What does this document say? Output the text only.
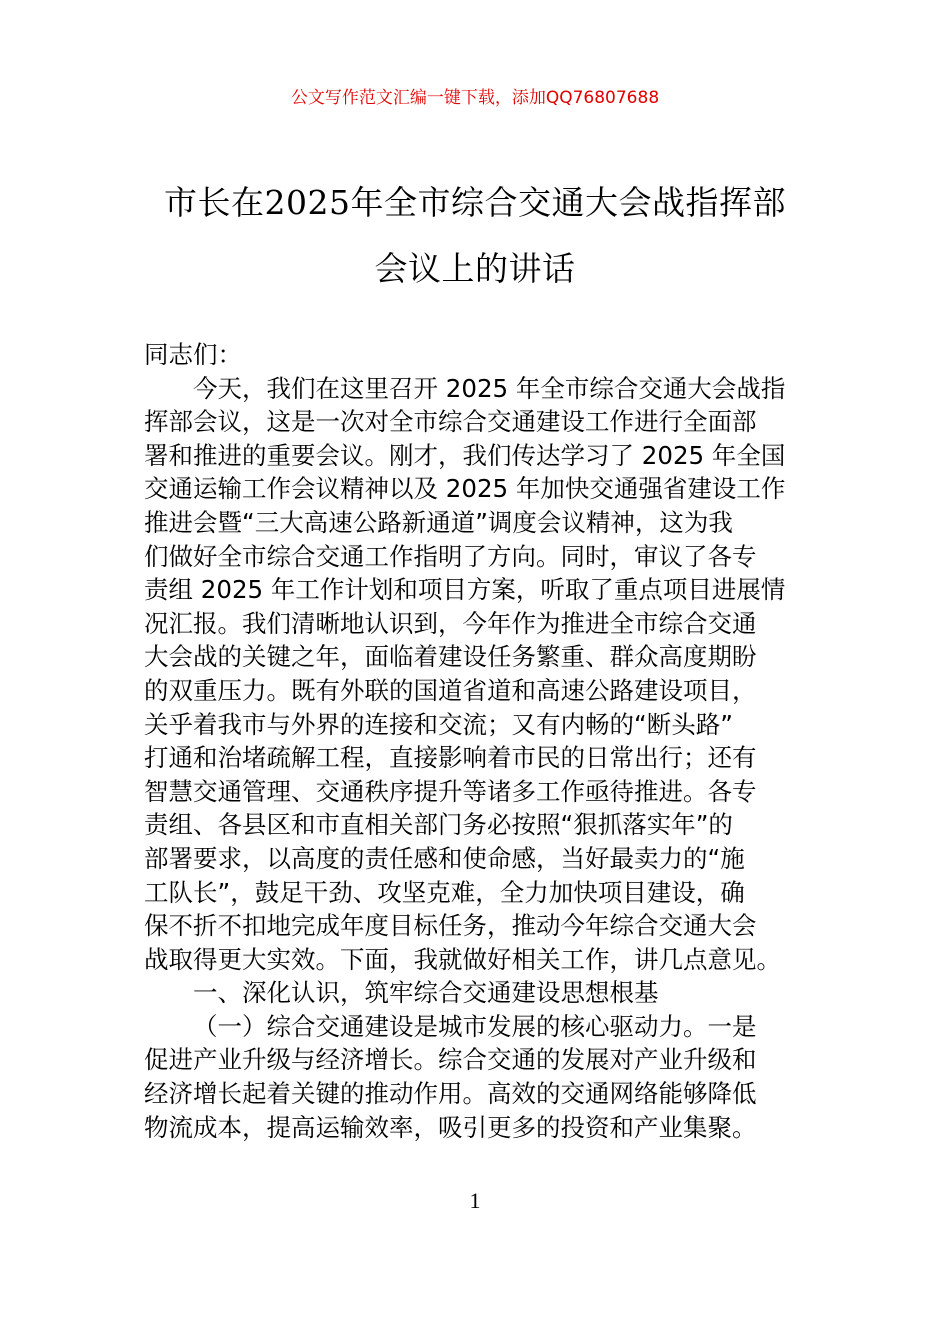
公文写作范文汇编一键下载，添加QQ76807688
市长在2025年全市综合交通大会战指挥部
会议上的讲话
同志们：
今天，我们在这里召开 2025 年全市综合交通大会战指
挥部会议，这是一次对全市综合交通建设工作进行全面部
署和推进的重要会议。刚才，我们传达学习了 2025 年全国
交通运输工作会议精神以及 2025 年加快交通强省建设工作
推进会暨“三大高速公路新通道”调度会议精神，这为我
们做好全市综合交通工作指明了方向。同时，审议了各专
责组 2025 年工作计划和项目方案，听取了重点项目进展情
况汇报。我们清晰地认识到，今年作为推进全市综合交通
大会战的关键之年，面临着建设任务繁重、群众高度期盼
的双重压力。既有外联的国道省道和高速公路建设项目，
关乎着我市与外界的连接和交流；又有内畅的“断头路”
打通和治堵疏解工程，直接影响着市民的日常出行；还有
智慧交通管理、交通秩序提升等诸多工作亟待推进。各专
责组、各县区和市直相关部门务必按照“狠抓落实年”的
部署要求，以高度的责任感和使命感，当好最卖力的“施
工队长”，鼓足干劲、攻坚克难，全力加快项目建设，确
保不折不扣地完成年度目标任务，推动今年综合交通大会
战取得更大实效。下面，我就做好相关工作，讲几点意见。
一、深化认识，筑牢综合交通建设思想根基
（一）综合交通建设是城市发展的核心驱动力。一是
促进产业升级与经济增长。综合交通的发展对产业升级和
经济增长起着关键的推动作用。高效的交通网络能够降低
物流成本，提高运输效率，吸引更多的投资和产业集聚。
1
